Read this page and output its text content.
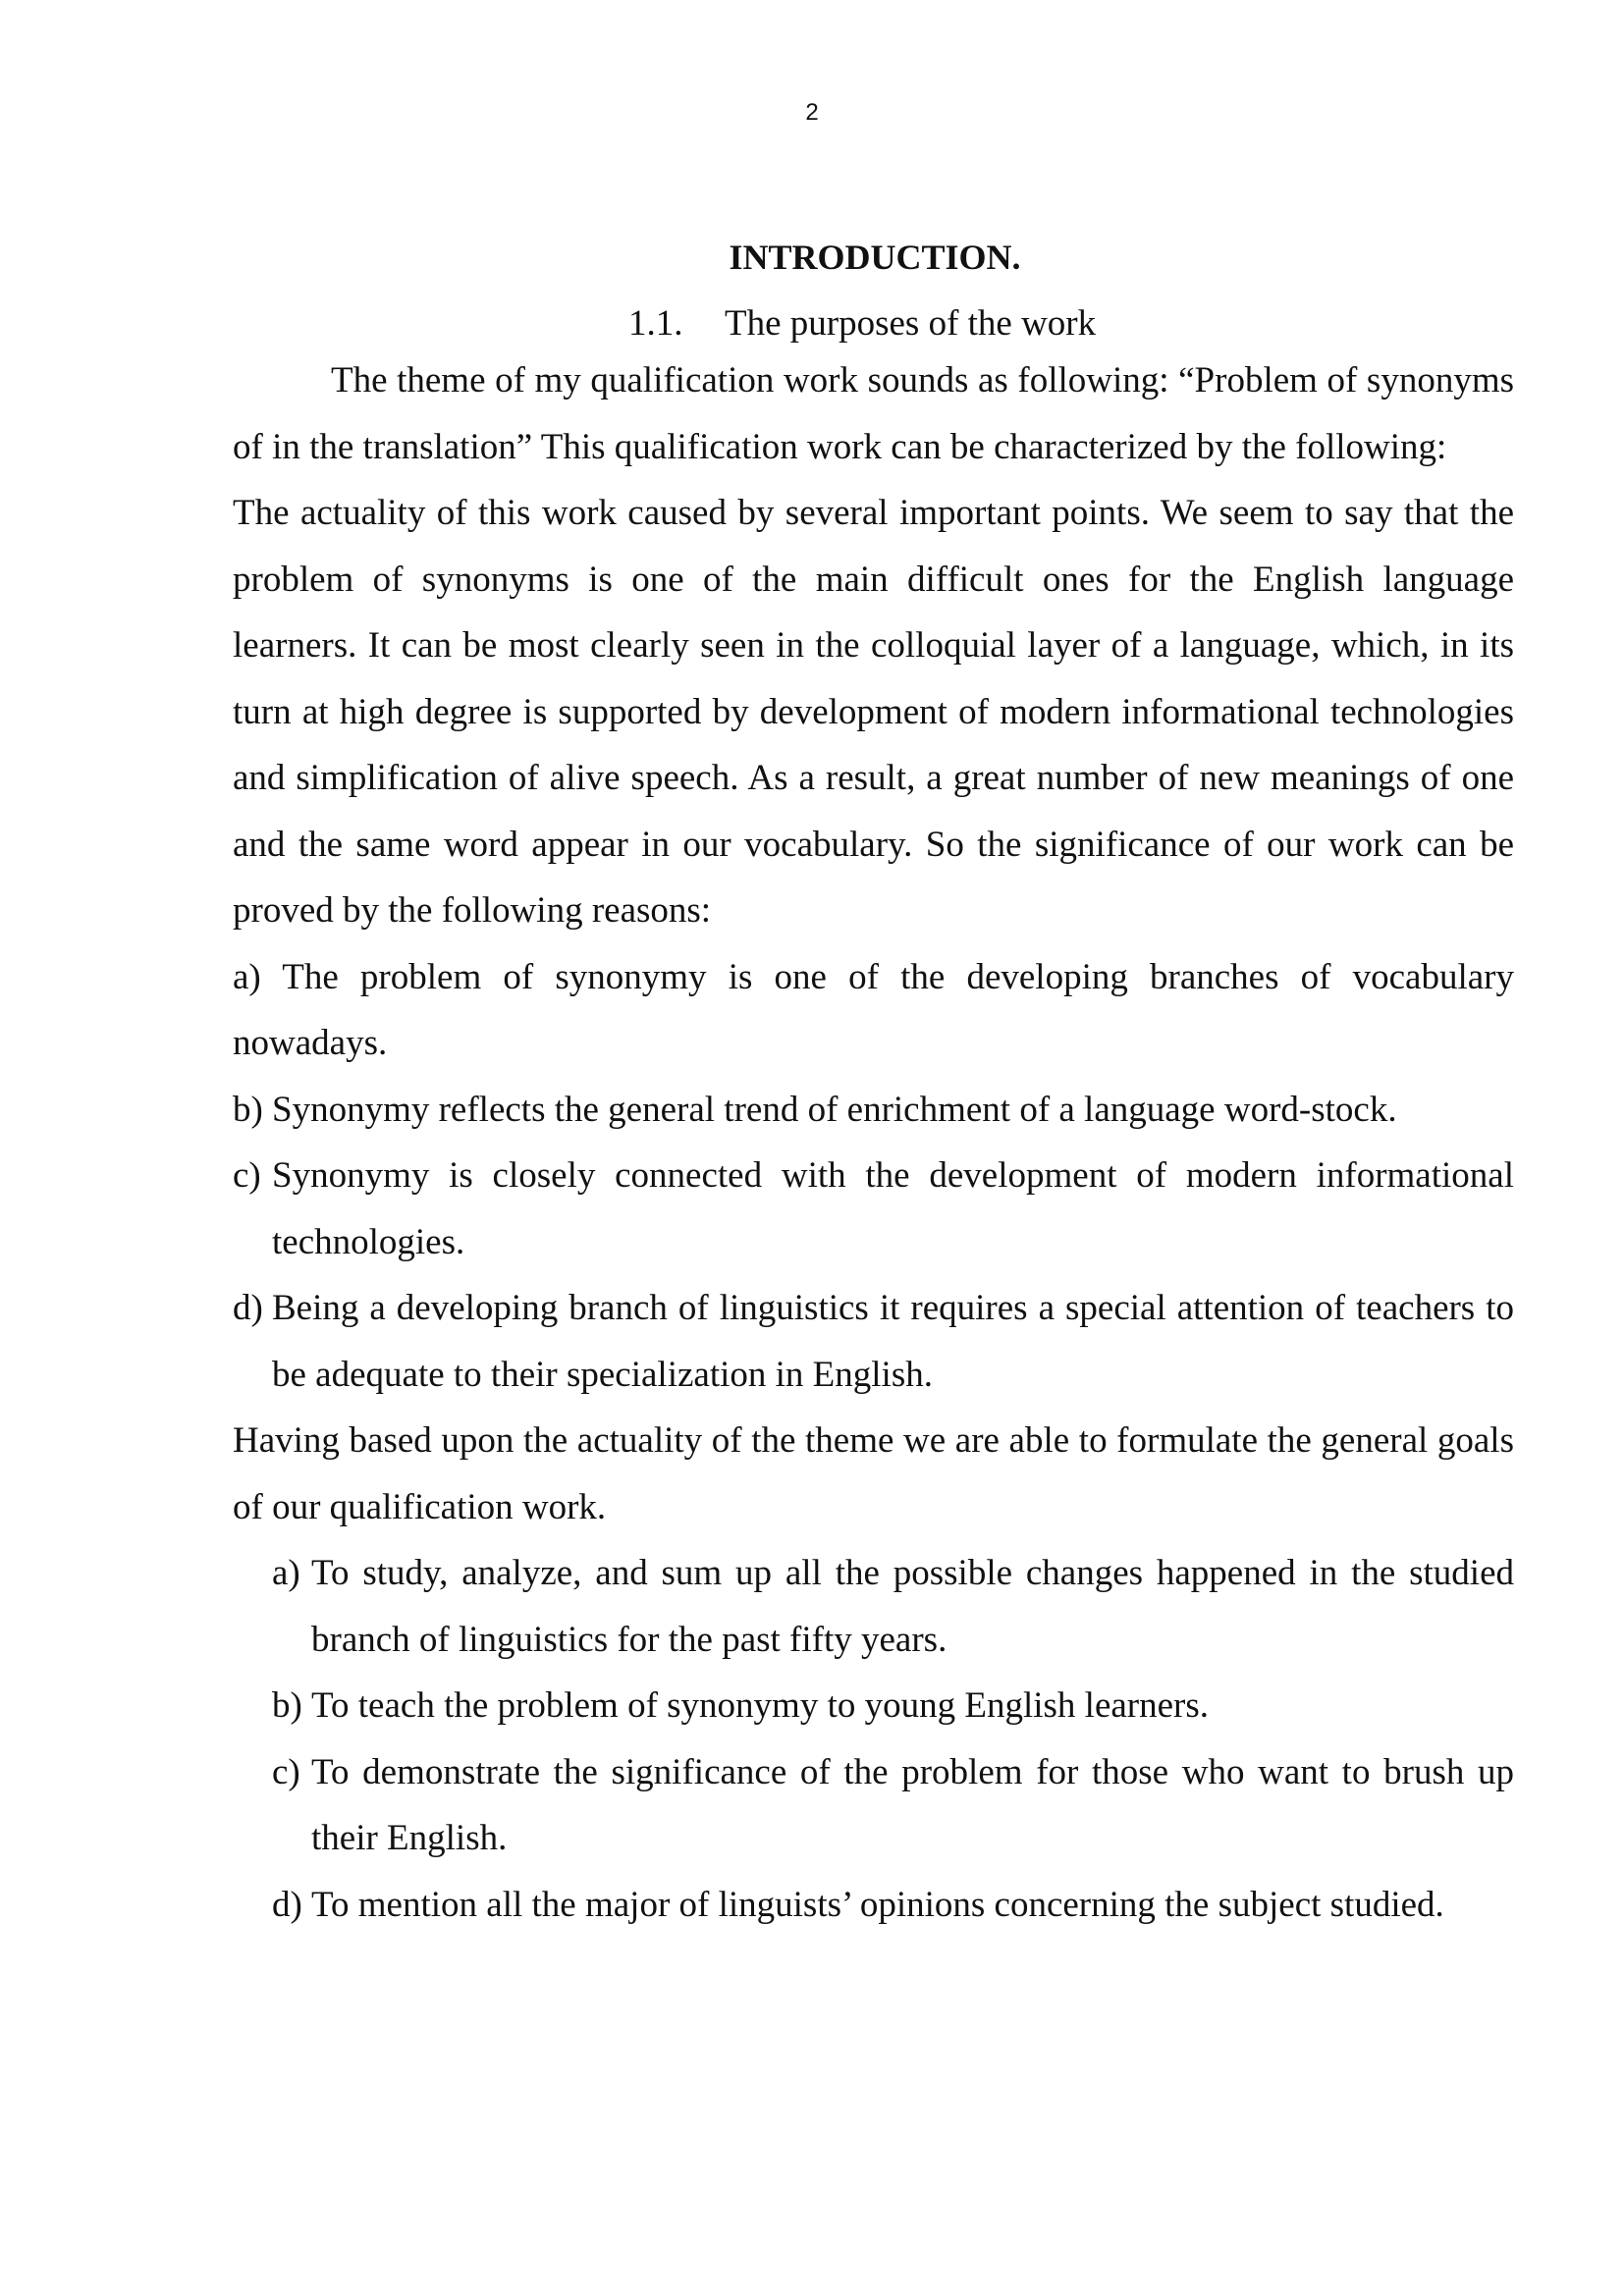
2
INTRODUCTION.
1.1. The purposes of the work

The theme of my qualification work sounds as following: “Problem of synonyms of in the translation” This qualification work can be characterized by the following:

The actuality of this work caused by several important points. We seem to say that the problem of synonyms is one of the main difficult ones for the English language learners. It can be most clearly seen in the colloquial layer of a language, which, in its turn at high degree is supported by development of modern informational technologies and simplification of alive speech. As a result, a great number of new meanings of one and the same word appear in our vocabulary. So the significance of our work can be proved by the following reasons:

a) The problem of synonymy is one of the developing branches of vocabulary nowadays.

b) Synonymy reflects the general trend of enrichment of a language word-stock.
c) Synonymy is closely connected with the development of modern informational technologies.
d) Being a developing branch of linguistics it requires a special attention of teachers to be adequate to their specialization in English.

Having based upon the actuality of the theme we are able to formulate the general goals of our qualification work.

a) To study, analyze, and sum up all the possible changes happened in the studied branch of linguistics for the past fifty years.
b) To teach the problem of synonymy to young English learners.
c) To demonstrate the significance of the problem for those who want to brush up their English.
d) To mention all the major of linguists’ opinions concerning the subject studied.
